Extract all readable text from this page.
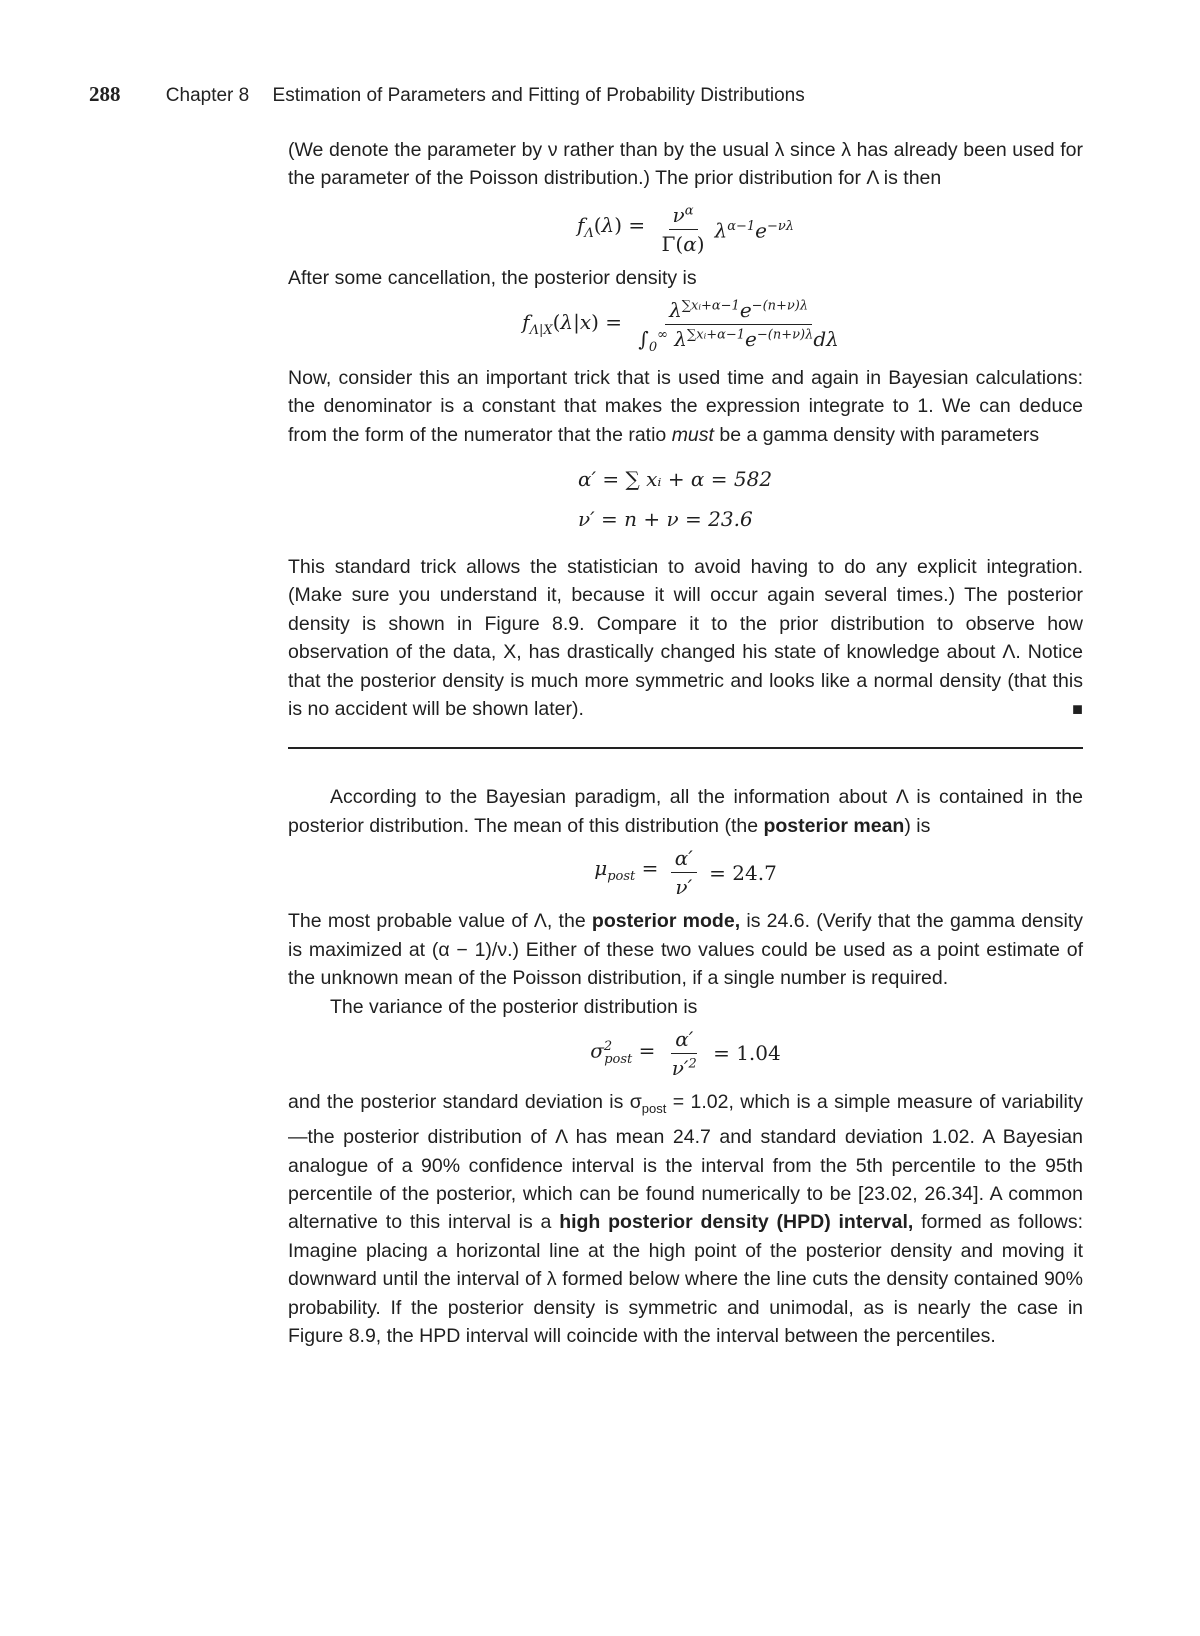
288 Chapter 8 Estimation of Parameters and Fitting of Probability Distributions

(We denote the parameter by ν rather than by the usual λ since λ has already been used for the parameter of the Poisson distribution.) The prior distribution for Λ is then

$f_\Lambda(\lambda) = \frac{\nu^\alpha}{\Gamma(\alpha)} \lambda^{\alpha-1}e^{-\nu\lambda}$

After some cancellation, the posterior density is

$f_{\Lambda|X}(\lambda|x) = \frac{\lambda^{\sum xᵢ+\alpha-1}e^{-(n+\nu)\lambda}}{\int_0^\infty \lambda^{\sum xᵢ+\alpha-1}e^{-(n+\nu)\lambda}d\lambda}$

Now, consider this an important trick that is used time and again in Bayesian calculations: the denominator is a constant that makes the expression integrate to 1. We can deduce from the form of the numerator that the ratio must be a gamma density with parameters

α′ = ∑ xᵢ + α = 582
ν′ = n + ν = 23.6

This standard trick allows the statistician to avoid having to do any explicit integration. (Make sure you understand it, because it will occur again several times.) The posterior density is shown in Figure 8.9. Compare it to the prior distribution to observe how observation of the data, X, has drastically changed his state of knowledge about Λ. Notice that the posterior density is much more symmetric and looks like a normal density (that this is no accident will be shown later).	■

According to the Bayesian paradigm, all the information about Λ is contained in the posterior distribution. The mean of this distribution (the posterior mean) is

$\mu_{post} = \frac{\alpha'}{\nu'} = 24.7$

The most probable value of Λ, the posterior mode, is 24.6. (Verify that the gamma density is maximized at (α − 1)/ν.) Either of these two values could be used as a point estimate of the unknown mean of the Poisson distribution, if a single number is required.

The variance of the posterior distribution is

$\sigma^2_{post} = \frac{\alpha'}{\nu'^2} = 1.04$

and the posterior standard deviation is $\sigma_{post} = 1.02$, which is a simple measure of variability—the posterior distribution of Λ has mean 24.7 and standard deviation 1.02. A Bayesian analogue of a 90% confidence interval is the interval from the 5th percentile to the 95th percentile of the posterior, which can be found numerically to be [23.02, 26.34]. A common alternative to this interval is a high posterior density (HPD) interval, formed as follows: Imagine placing a horizontal line at the high point of the posterior density and moving it downward until the interval of λ formed below where the line cuts the density contained 90% probability. If the posterior density is symmetric and unimodal, as is nearly the case in Figure 8.9, the HPD interval will coincide with the interval between the percentiles.
